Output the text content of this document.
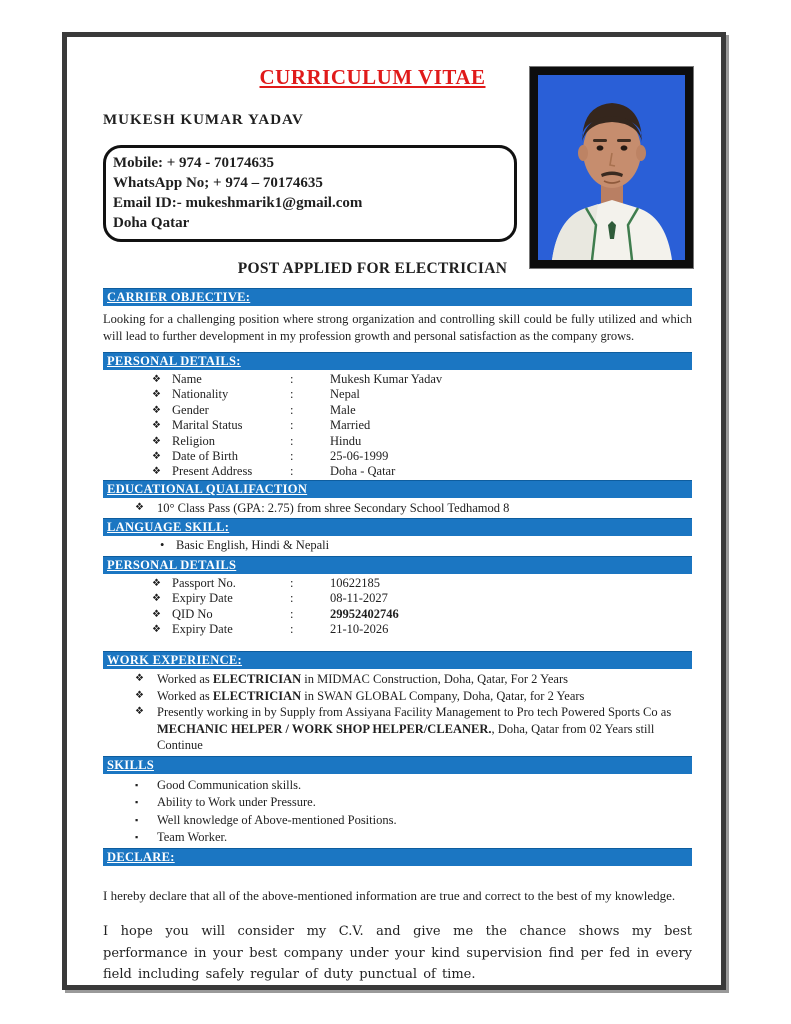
CURRICULUM VITAE
MUKESH KUMAR YADAV
Mobile: + 974 - 70174635
WhatsApp No; + 974 – 70174635
Email ID:- mukeshmarik1@gmail.com
Doha Qatar
POST APPLIED FOR ELECTRICIAN
CARRIER OBJECTIVE:
Looking for a challenging position where strong organization and controlling skill could be fully utilized and which will lead to further development in my profession growth and personal satisfaction as the company grows.
PERSONAL DETAILS:
❖ Name	:	Mukesh Kumar Yadav
❖ Nationality	:	Nepal
❖ Gender	:	Male
❖ Marital Status	:	Married
❖ Religion	:	Hindu
❖ Date of Birth	:	25-06-1999
❖ Present Address	:	Doha - Qatar
EDUCATIONAL QUALIFACTION
❖	10° Class Pass (GPA: 2.75) from shree Secondary School Tedhamod 8
LANGUAGE SKILL:
• Basic English, Hindi & Nepali
PERSONAL DETAILS
❖ Passport No.	:	10622185
❖ Expiry Date	:	08-11-2027
❖ QID No	:	29952402746
❖ Expiry Date	:	21-10-2026
WORK EXPERIENCE:
❖	Worked as ELECTRICIAN in MIDMAC Construction, Doha, Qatar, For 2 Years
❖	Worked as ELECTRICIAN in SWAN GLOBAL Company, Doha, Qatar, for 2 Years
❖	Presently working in by Supply from Assiyana Facility Management to Pro tech Powered Sports Co as MECHANIC HELPER / WORK SHOP HELPER/CLEANER., Doha, Qatar from 02 Years still Continue
SKILLS
▪	Good Communication skills.
▪	Ability to Work under Pressure.
▪	Well knowledge of Above-mentioned Positions.
▪	Team Worker.
DECLARE:
I hereby declare that all of the above-mentioned information are true and correct to the best of my knowledge.
I hope you will consider my C.V. and give me the chance shows my best performance in your best company under your kind supervision find per fed in every field including safely regular of duty punctual of time.
